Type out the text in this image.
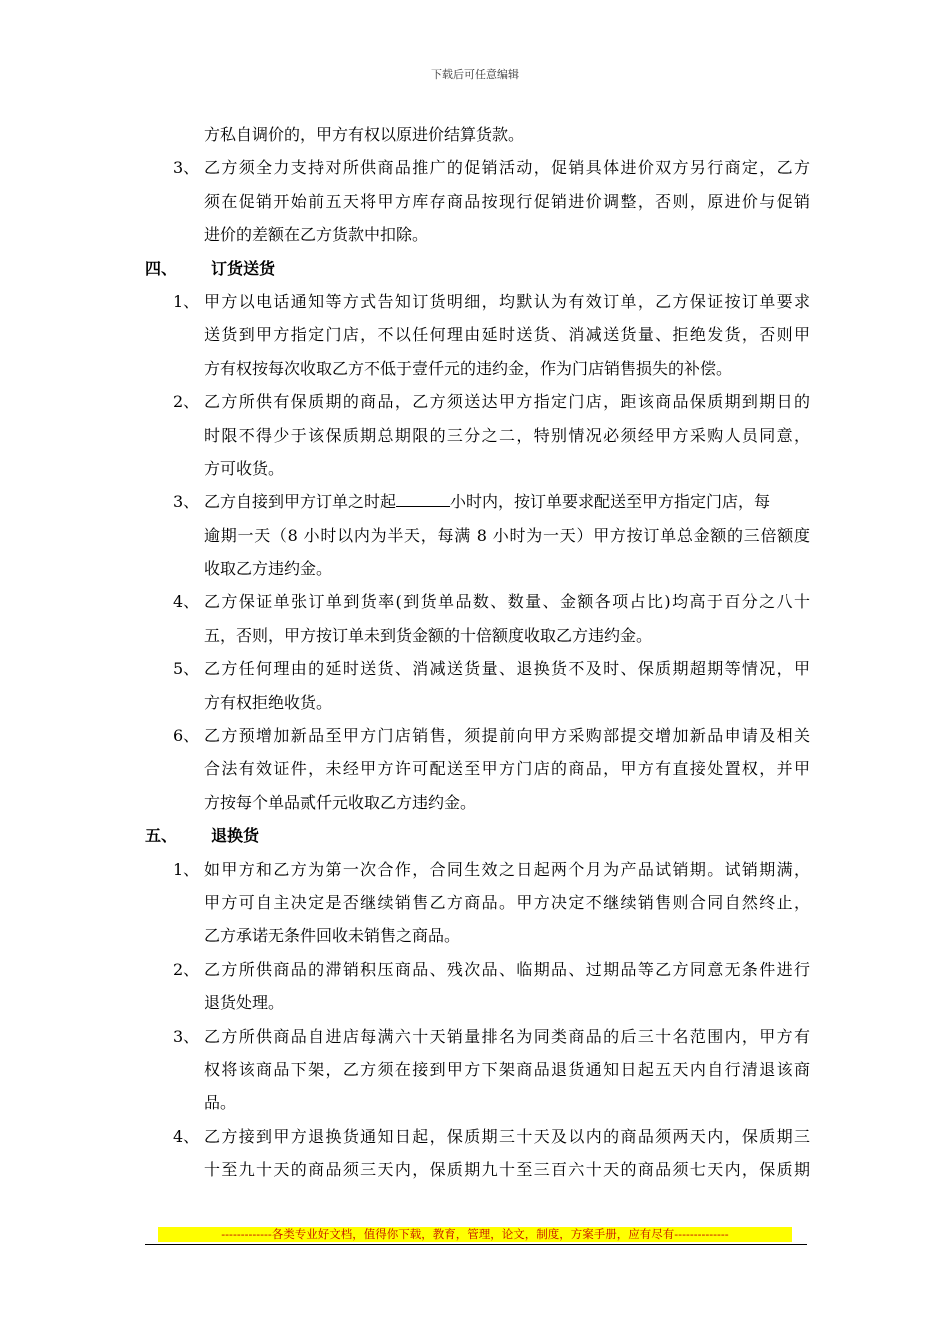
下载后可任意编辑
方私自调价的，甲方有权以原进价结算货款。
3、 乙方须全力支持对所供商品推广的促销活动，促销具体进价双方另行商定，乙方
须在促销开始前五天将甲方库存商品按现行促销进价调整，否则，原进价与促销
进价的差额在乙方货款中扣除。
四、 订货送货
1、 甲方以电话通知等方式告知订货明细，均默认为有效订单，乙方保证按订单要求
送货到甲方指定门店，不以任何理由延时送货、消减送货量、拒绝发货，否则甲
方有权按每次收取乙方不低于壹仟元的违约金，作为门店销售损失的补偿。
2、 乙方所供有保质期的商品，乙方须送达甲方指定门店，距该商品保质期到期日的
时限不得少于该保质期总期限的三分之二，特别情况必须经甲方采购人员同意，
方可收货。
3、 乙方自接到甲方订单之时起	小时内，按订单要求配送至甲方指定门店，每
逾期一天（8 小时以内为半天，每满 8 小时为一天）甲方按订单总金额的三倍额度
收取乙方违约金。
4、 乙方保证单张订单到货率(到货单品数、数量、金额各项占比)均高于百分之八十
五，否则，甲方按订单未到货金额的十倍额度收取乙方违约金。
5、 乙方任何理由的延时送货、消减送货量、退换货不及时、保质期超期等情况，甲
方有权拒绝收货。
6、 乙方预增加新品至甲方门店销售，须提前向甲方采购部提交增加新品申请及相关
合法有效证件，未经甲方许可配送至甲方门店的商品，甲方有直接处置权，并甲
方按每个单品贰仟元收取乙方违约金。
五、 退换货
1、 如甲方和乙方为第一次合作，合同生效之日起两个月为产品试销期。试销期满，
甲方可自主决定是否继续销售乙方商品。甲方决定不继续销售则合同自然终止，
乙方承诺无条件回收未销售之商品。
2、 乙方所供商品的滞销积压商品、残次品、临期品、过期品等乙方同意无条件进行
退货处理。
3、 乙方所供商品自进店每满六十天销量排名为同类商品的后三十名范围内，甲方有
权将该商品下架，乙方须在接到甲方下架商品退货通知日起五天内自行清退该商
品。
4、 乙方接到甲方退换货通知日起，保质期三十天及以内的商品须两天内，保质期三
十至九十天的商品须三天内，保质期九十至三百六十天的商品须七天内，保质期
-------------各类专业好文档，值得你下载，教育，管理，论文，制度，方案手册，应有尽有--------------
